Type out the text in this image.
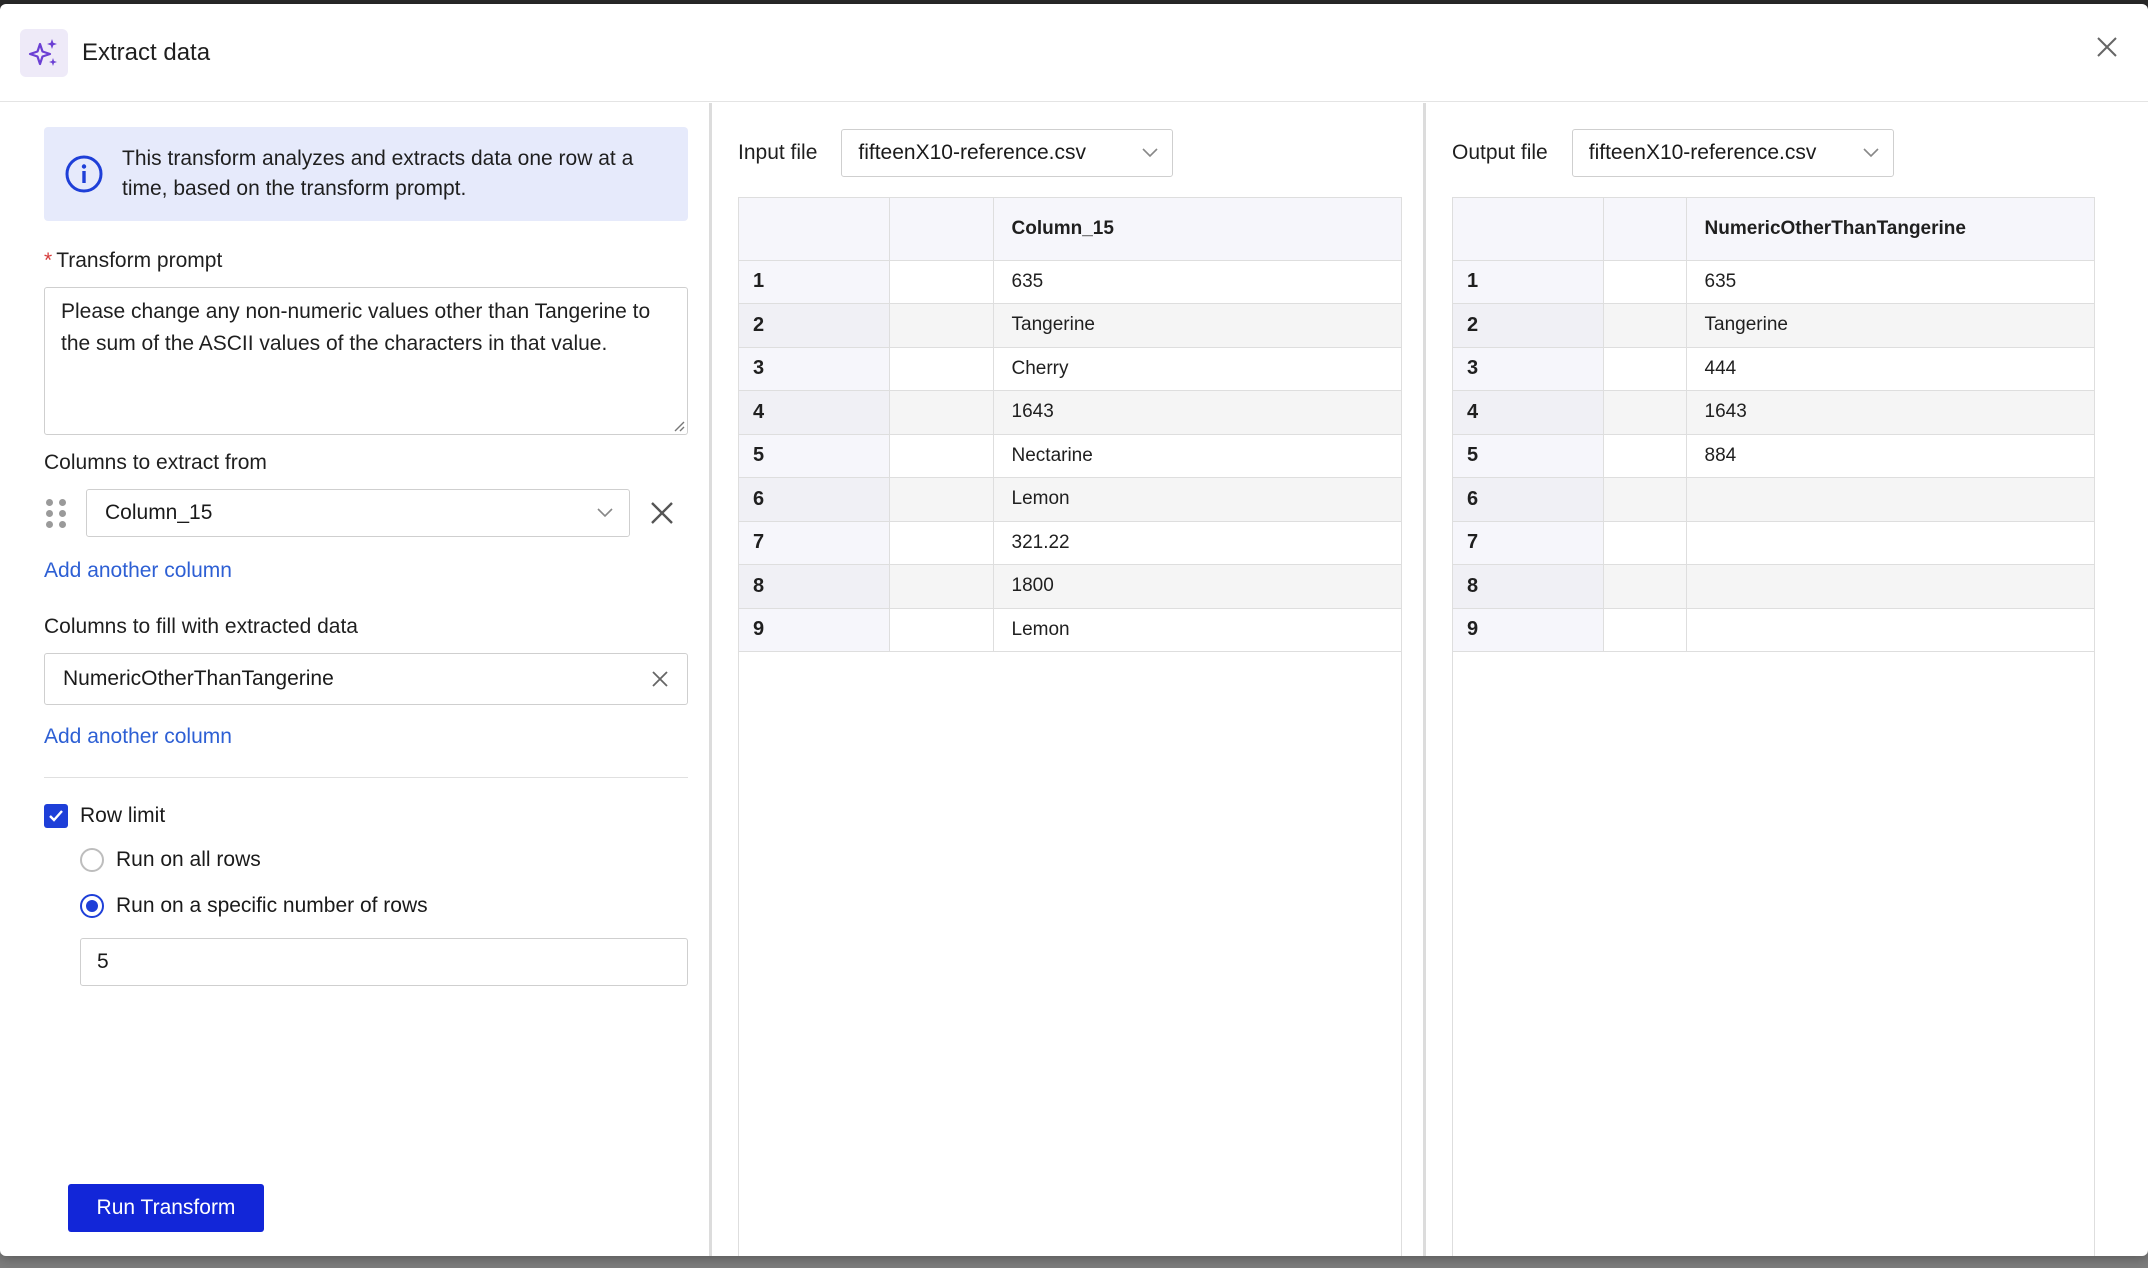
Extract data
This transform analyzes and extracts data one row at a time, based on the transform prompt.
* Transform prompt
Please change any non-numeric values other than Tangerine to the sum of the ASCII values of the characters in that value.
Columns to extract from
Column_15
Add another column
Columns to fill with extracted data
NumericOtherThanTangerine
Add another column
Row limit
Run on all rows
Run on a specific number of rows
5
Run Transform
Input file fifteenX10-reference.csv
		Column_15
1		635
2		Tangerine
3		Cherry
4		1643
5		Nectarine
6		Lemon
7		321.22
8		1800
9		Lemon
Output file fifteenX10-reference.csv
		NumericOtherThanTangerine
1		635
2		Tangerine
3		444
4		1643
5		884
6		
7		
8		
9		
